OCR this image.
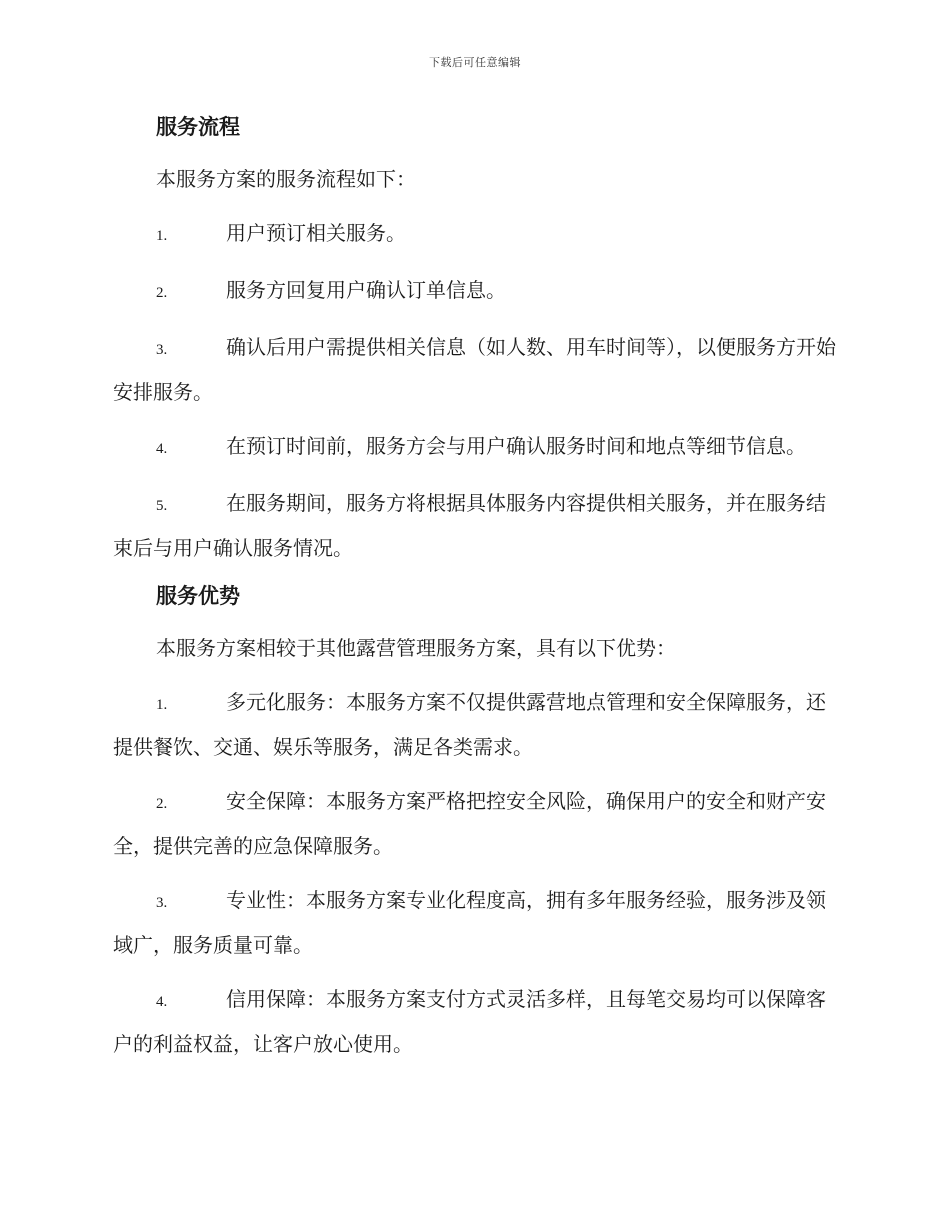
下载后可任意编辑
服务流程

本服务方案的服务流程如下：

1.	用户预订相关服务。

2.	服务方回复用户确认订单信息。

3.	确认后用户需提供相关信息（如人数、用车时间等），以便服务方开始安排服务。

4.	在预订时间前，服务方会与用户确认服务时间和地点等细节信息。

5.	在服务期间，服务方将根据具体服务内容提供相关服务，并在服务结束后与用户确认服务情况。

服务优势

本服务方案相较于其他露营管理服务方案，具有以下优势：

1.	多元化服务：本服务方案不仅提供露营地点管理和安全保障服务，还提供餐饮、交通、娱乐等服务，满足各类需求。

2.	安全保障：本服务方案严格把控安全风险，确保用户的安全和财产安全，提供完善的应急保障服务。

3.	专业性：本服务方案专业化程度高，拥有多年服务经验，服务涉及领域广，服务质量可靠。

4.	信用保障：本服务方案支付方式灵活多样，且每笔交易均可以保障客户的利益权益，让客户放心使用。
